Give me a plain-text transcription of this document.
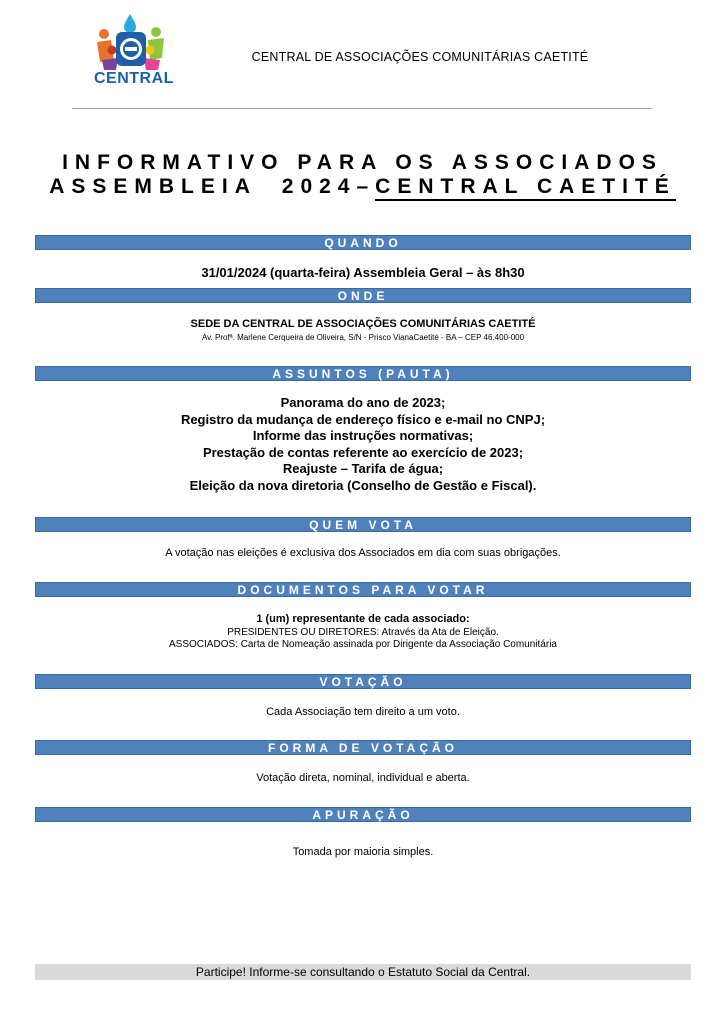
CENTRAL
CENTRAL DE ASSOCIAÇÕES COMUNITÁRIAS CAETITÉ
INFORMATIVO PARA OS ASSOCIADOS
ASSEMBLEIA  2024–CENTRAL CAETITÉ
QUANDO
31/01/2024 (quarta-feira) Assembleia Geral – às 8h30
ONDE
SEDE DA CENTRAL DE ASSOCIAÇÕES COMUNITÁRIAS CAETITÉ
Av. Profª. Marlene Cerqueira de Oliveira, S/N - Prisco VianaCaetité - BA – CEP 46.400-000
ASSUNTOS (PAUTA)
Panorama do ano de 2023;
Registro da mudança de endereço físico e e-mail no CNPJ;
Informe das instruções normativas;
Prestação de contas referente ao exercício de 2023;
Reajuste – Tarifa de água;
Eleição da nova diretoria (Conselho de Gestão e Fiscal).
QUEM VOTA
A votação nas eleições é exclusiva dos Associados em dia com suas obrigações.
DOCUMENTOS PARA VOTAR
1 (um) representante de cada associado:
PRESIDENTES OU DIRETORES: Através da Ata de Eleição.
ASSOCIADOS: Carta de Nomeação assinada por Dirigente da Associação Comunitária
VOTAÇÃO
Cada Associação tem direito a um voto.
FORMA DE VOTAÇÃO
Votação direta, nominal, individual e aberta.
APURAÇÃO
Tomada por maioria simples.
Participe! Informe-se consultando o Estatuto Social da Central.
